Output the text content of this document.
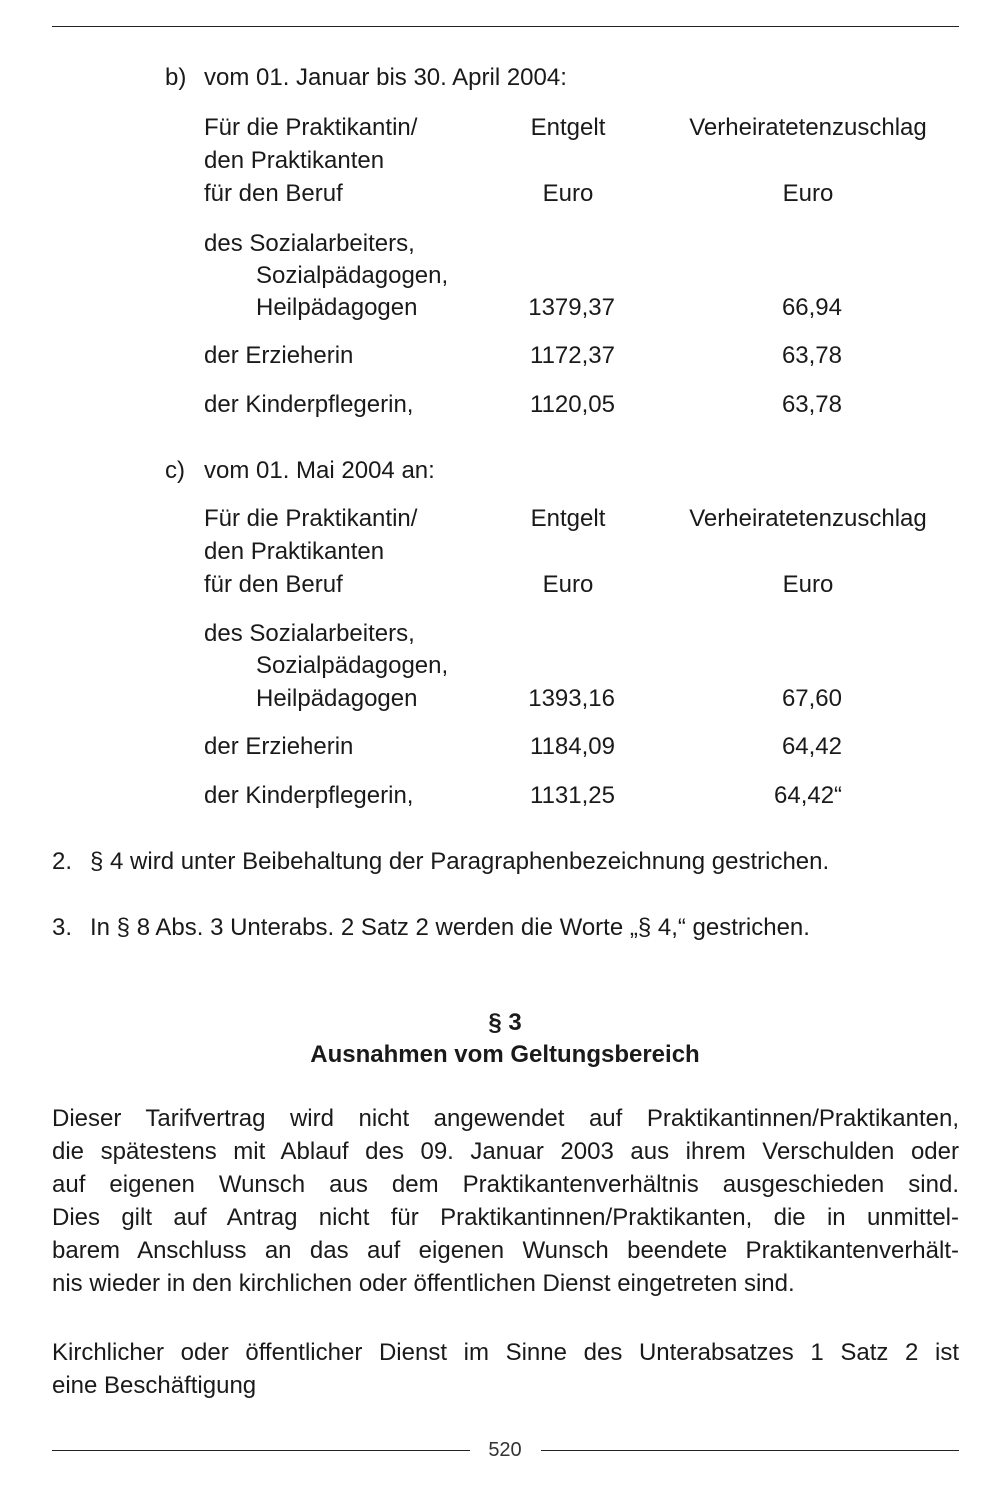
b) vom 01. Januar bis 30. April 2004:
Für die Praktikantin/
den Praktikanten
für den Beruf
Entgelt	Verheiratetenzuschlag
Euro	Euro
des Sozialarbeiters,
Sozialpädagogen,
Heilpädagogen	1379,37	66,94
der Erzieherin	1172,37	63,78
der Kinderpflegerin,	1120,05	63,78
c) vom 01. Mai 2004 an:
Für die Praktikantin/
den Praktikanten
für den Beruf
Entgelt	Verheiratetenzuschlag
Euro	Euro
des Sozialarbeiters,
Sozialpädagogen,
Heilpädagogen	1393,16	67,60
der Erzieherin	1184,09	64,42
der Kinderpflegerin,	1131,25	64,42“
2. § 4 wird unter Beibehaltung der Paragraphenbezeichnung gestrichen.
3. In § 8 Abs. 3 Unterabs. 2 Satz 2 werden die Worte „§ 4,“ gestrichen.
§ 3
Ausnahmen vom Geltungsbereich
Dieser Tarifvertrag wird nicht angewendet auf Praktikantinnen/Praktikanten,
die spätestens mit Ablauf des 09. Januar 2003 aus ihrem Verschulden oder
auf eigenen Wunsch aus dem Praktikantenverhältnis ausgeschieden sind.
Dies gilt auf Antrag nicht für Praktikantinnen/Praktikanten, die in unmittel-
barem Anschluss an das auf eigenen Wunsch beendete Praktikantenverhält-
nis wieder in den kirchlichen oder öffentlichen Dienst eingetreten sind.
Kirchlicher oder öffentlicher Dienst im Sinne des Unterabsatzes 1 Satz 2 ist
eine Beschäftigung
520
